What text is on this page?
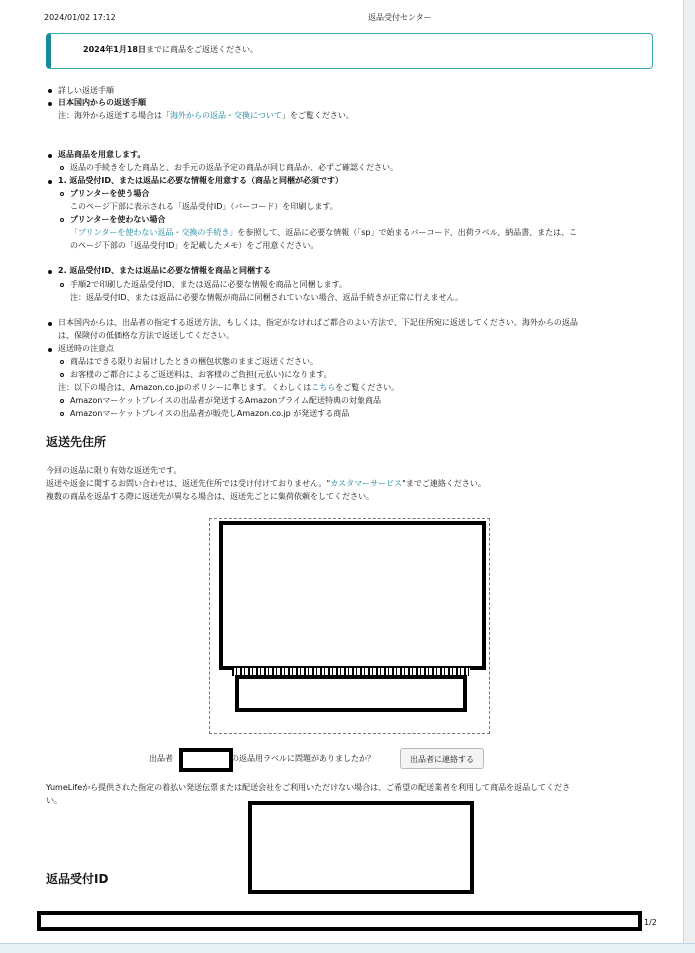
2024/01/02 17:12	返品受付センター
2024年1月18日までに商品をご返送ください。
詳しい返送手順
日本国内からの返送手順
注：海外から返送する場合は「海外からの返品・交換について」をご覧ください。
返品商品を用意します。
返品の手続きをした商品と、お手元の返品予定の商品が同じ商品か、必ずご確認ください。
1. 返品受付ID、または返品に必要な情報を用意する（商品と同梱が必須です）
プリンターを使う場合
このページ下部に表示される「返品受付ID」（バーコード）を印刷します。
プリンターを使わない場合
「プリンターを使わない返品・交換の手続き」を参照して、返品に必要な情報（「sp」で始まるバーコード、出荷ラベル、納品書、または、こ
のページ下部の「返品受付ID」を記載したメモ）をご用意ください。
2. 返品受付ID、または返品に必要な情報を商品と同梱する
手順2で印刷した返品受付ID、または返品に必要な情報を商品と同梱します。
注：返品受付ID、または返品に必要な情報が商品に同梱されていない場合、返品手続きが正常に行えません。
日本国内からは、出品者の指定する返送方法、もしくは、指定がなければご都合のよい方法で、下記住所宛に返送してください。海外からの返品
は、保険付の低価格な方法で返送してください。
返送時の注意点
商品はできる限りお届けしたときの梱包状態のままご返送ください。
お客様のご都合によるご返送料は、お客様のご負担(元払い)になります。
注：以下の場合は、Amazon.co.jpのポリシーに準じます。くわしくはこちらをご覧ください。
Amazonマーケットプレイスの出品者が発送するAmazonプライム配送特典の対象商品
Amazonマーケットプレイスの出品者が販売しAmazon.co.jp が発送する商品
返送先住所
今回の返品に限り有効な返送先です。
返送や返金に関するお問い合わせは、返送先住所では受け付けておりません。"カスタマーサービス"までご連絡ください。
複数の商品を返品する際に返送先が異なる場合は、返送先ごとに集荷依頼をしてください。
出品者	の返品用ラベルに問題がありましたか？	出品者に連絡する
YumeLifeから提供された指定の着払い発送伝票または配送会社をご利用いただけない場合は、ご希望の配送業者を利用して商品を返品してくださ
い。
返品受付ID
1/2
